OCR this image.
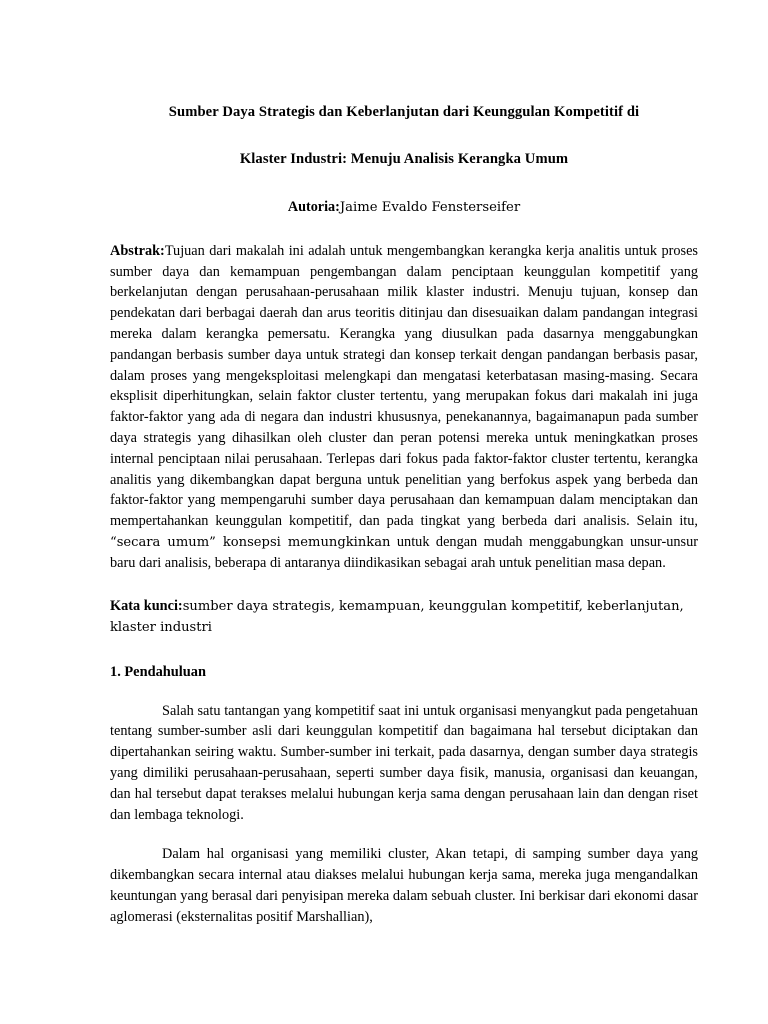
Sumber Daya Strategis dan Keberlanjutan dari Keunggulan Kompetitif di
Klaster Industri: Menuju Analisis Kerangka Umum
Autoria:Jaime Evaldo Fensterseifer
Abstrak:Tujuan dari makalah ini adalah untuk mengembangkan kerangka kerja analitis untuk proses sumber daya dan kemampuan pengembangan dalam penciptaan keunggulan kompetitif yang berkelanjutan dengan perusahaan-perusahaan milik klaster industri. Menuju tujuan, konsep dan pendekatan dari berbagai daerah dan arus teoritis ditinjau dan disesuaikan dalam pandangan integrasi mereka dalam kerangka pemersatu. Kerangka yang diusulkan pada dasarnya menggabungkan pandangan berbasis sumber daya untuk strategi dan konsep terkait dengan pandangan berbasis pasar, dalam proses yang mengeksploitasi melengkapi dan mengatasi keterbatasan masing-masing. Secara eksplisit diperhitungkan, selain faktor cluster tertentu, yang merupakan fokus dari makalah ini juga faktor-faktor yang ada di negara dan industri khususnya, penekanannya, bagaimanapun pada sumber daya strategis yang dihasilkan oleh cluster dan peran potensi mereka untuk meningkatkan proses internal penciptaan nilai perusahaan. Terlepas dari fokus pada faktor-faktor cluster tertentu, kerangka analitis yang dikembangkan dapat berguna untuk penelitian yang berfokus aspek yang berbeda dan faktor-faktor yang mempengaruhi sumber daya perusahaan dan kemampuan dalam menciptakan dan mempertahankan keunggulan kompetitif, dan pada tingkat yang berbeda dari analisis. Selain itu, “secara umum” konsepsi memungkinkan untuk dengan mudah menggabungkan unsur-unsur baru dari analisis, beberapa di antaranya diindikasikan sebagai arah untuk penelitian masa depan.
Kata kunci:sumber daya strategis, kemampuan, keunggulan kompetitif, keberlanjutan, klaster industri
1. Pendahuluan
Salah satu tantangan yang kompetitif saat ini untuk organisasi menyangkut pada pengetahuan tentang sumber-sumber asli dari keunggulan kompetitif dan bagaimana hal tersebut diciptakan dan dipertahankan seiring waktu. Sumber-sumber ini terkait, pada dasarnya, dengan sumber daya strategis yang dimiliki perusahaan-perusahaan, seperti sumber daya fisik, manusia, organisasi dan keuangan, dan hal tersebut dapat terakses melalui hubungan kerja sama dengan perusahaan lain dan dengan riset dan lembaga teknologi.
Dalam hal organisasi yang memiliki cluster, Akan tetapi, di samping sumber daya yang dikembangkan secara internal atau diakses melalui hubungan kerja sama, mereka juga mengandalkan keuntungan yang berasal dari penyisipan mereka dalam sebuah cluster. Ini berkisar dari ekonomi dasar aglomerasi (eksternalitas positif Marshallian),
